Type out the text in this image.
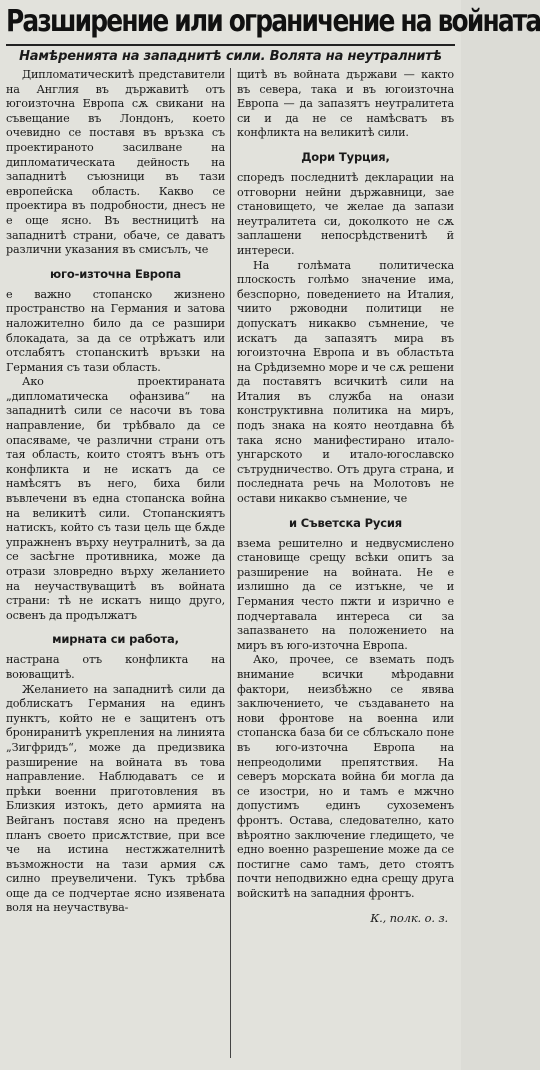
Разширение или ограничение на войната
Намѣренията на западнитѣ сили. Волята на неутралнитѣ

Дипломатическитѣ представители на Англия въ държавитѣ отъ югоизточна Европа сѫ свикани на съвещание въ Лондонъ, което очевидно се поставя въ връзка съ проектираното засилване на дипломатическата дейность на западнитѣ съюзници въ тази европейска область. Какво се проектира въ подробности, днесъ не е още ясно. Въ вестницитѣ на западнитѣ страни, обаче, се даватъ различни указания въ смисълъ, че

юго-източна Европа

е важно стопанско жизнено пространство на Германия и затова наложително било да се разшири блокадата, за да се отрѣжатъ или отслабятъ стопанскитѣ връзки на Германия съ тази область.

Ако проектираната „дипломатическа офанзива“ на западнитѣ сили се насочи въ това направление, би трѣбвало да се опасяваме, че различни страни отъ тая область, които стоятъ вънъ отъ конфликта и не искатъ да се намѣсятъ въ него, биха били въвлечени въ една стопанска война на великитѣ сили. Стопанскиятъ натискъ, който съ тази цель ще бѫде упражненъ върху неутралнитѣ, за да се засѣгне противника, може да отрази зловредно върху желанието на неучаствуващитѣ въ войната страни: тѣ не искатъ нищо друго, освенъ да продължатъ

мирната си работа,

настрана отъ конфликта на воюващитѣ.

Желанието на западнитѣ сили да доблискатъ Германия на единъ пунктъ, който не е защитенъ отъ брониранитѣ укрепления на линията „Зигфридъ“, може да предизвика разширение на войната въ това направление. Наблюдаватъ се и прѣки военни приготовления въ Близкия изтокъ, дето армията на Вейганъ поставя ясно на преденъ планъ своето присѫтствие, при все че на истина нестжжателнитѣ възможности на тази армия сѫ силно преувеличени. Тукъ трѣбва още да се подчертае ясно изявената воля на неучаствува-

щитѣ въ войната държави — както въ севера, така и въ югоизточна Европа — да запазятъ неутралитета си и да не се намѣсватъ въ конфликта на великитѣ сили.

Дори Турция,

споредъ последнитѣ декларации на отговорни нейни държавници, зае становището, че желае да запази неутралитета си, доколкото не сѫ заплашени непосрѣдственитѣ й интереси.

На голѣмата политическа плоскость голѣмо значение има, безспорно, поведението на Италия, чиито ржоводни политици не допускатъ никакво съмнение, че искатъ да запазятъ мира въ югоизточна Европа и въ областьта на Срѣдиземно море и че сѫ решени да поставятъ всичкитѣ сили на Италия въ служба на онази конструктивна политика на миръ, подъ знака на която неотдавна бѣ така ясно манифестирано итало-унгарското и итало-югославско сътрудничество. Отъ друга страна, и последната речь на Молотовъ не остави никакво съмнение, че

и Съветска Русия

взема решително и недвусмислено становище срещу всѣки опитъ за разширение на войната. Не е излишно да се изтъкне, че и Германия често пжти и изрично е подчертавала интереса си за запазването на положението на миръ въ юго-източна Европа.

Ако, прочее, се вземать подъ внимание всички мѣродавни фактори, неизбѣжно се явява заключението, че създаването на нови фронтове на военна или стопанска база би се сблъскало поне въ юго-източна Европа на непреодолими препятствия. На северъ морската война би могла да се изостри, но и тамъ е мжчно допустимъ единъ сухоземенъ фронтъ. Остава, следователно, като вѣроятно заключение гледището, че едно военно разрешение може да се постигне само тамъ, дето стоятъ почти неподвижно една срещу друга войскитѣ на западния фронтъ.

К., полк. о. з.
